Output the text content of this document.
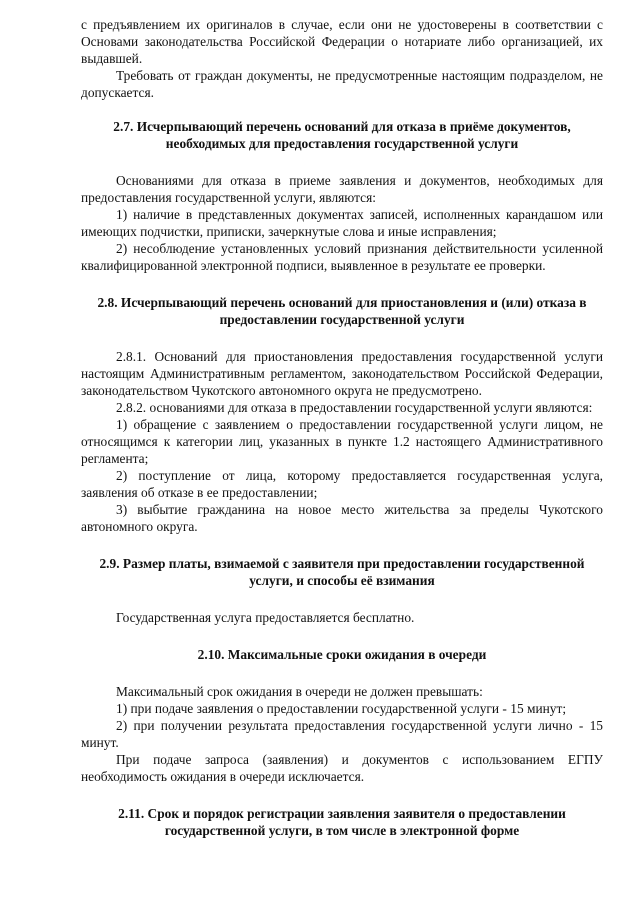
с предъявлением их оригиналов в случае, если они не удостоверены в соответствии с Основами законодательства Российской Федерации о нотариате либо организацией, их выдавшей.

Требовать от граждан документы, не предусмотренные настоящим подразделом, не допускается.

2.7. Исчерпывающий перечень оснований для отказа в приёме документов, необходимых для предоставления государственной услуги

Основаниями для отказа в приеме заявления и документов, необходимых для предоставления государственной услуги, являются:

1) наличие в представленных документах записей, исполненных карандашом или имеющих подчистки, приписки, зачеркнутые слова и иные исправления;

2) несоблюдение установленных условий признания действительности усиленной квалифицированной электронной подписи, выявленное в результате ее проверки.

2.8. Исчерпывающий перечень оснований для приостановления и (или) отказа в предоставлении государственной услуги

2.8.1. Оснований для приостановления предоставления государственной услуги настоящим Административным регламентом, законодательством Российской Федерации, законодательством Чукотского автономного округа не предусмотрено.

2.8.2. основаниями для отказа в предоставлении государственной услуги являются:

1) обращение с заявлением о предоставлении государственной услуги лицом, не относящимся к категории лиц, указанных в пункте 1.2 настоящего Административного регламента;

2) поступление от лица, которому предоставляется государственная услуга, заявления об отказе в ее предоставлении;

3) выбытие гражданина на новое место жительства за пределы Чукотского автономного округа.

2.9. Размер платы, взимаемой с заявителя при предоставлении государственной услуги, и способы её взимания

Государственная услуга предоставляется бесплатно.

2.10. Максимальные сроки ожидания в очереди

Максимальный срок ожидания в очереди не должен превышать:

1) при подаче заявления о предоставлении государственной услуги - 15 минут;

2) при получении результата предоставления государственной услуги лично - 15 минут.

При подаче запроса (заявления) и документов с использованием ЕГПУ необходимость ожидания в очереди исключается.

2.11. Срок и порядок регистрации заявления заявителя о предоставлении государственной услуги, в том числе в электронной форме
